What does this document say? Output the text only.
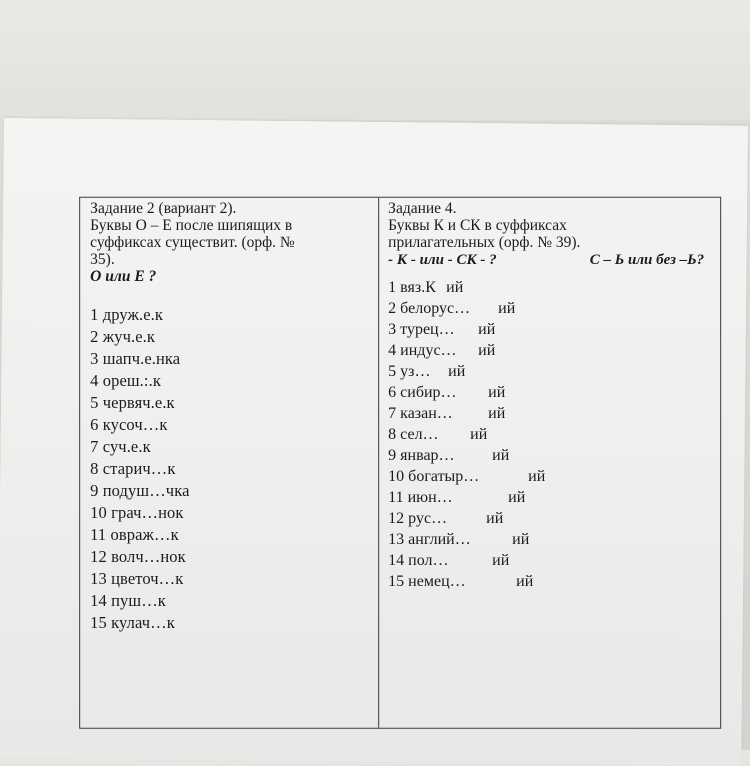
Задание 2 (вариант 2).

Буквы О – Е после шипящих в

суффиксах существит. (орф. №

35).

О или Е ?
1 друж.е.к
2 жуч.е.к
3 шапч.е.нка
4 ореш.:.к
5 червяч.е.к
6 кусоч…к
7 суч.е.к
8 старич…к
9 подуш…чка
10 грач…нок
11 овраж…к
12 волч…нок
13 цветоч…к
14 пуш…к
15 кулач…к

Задание 4.

Буквы К и СК в суффиксах

прилагательных (орф. № 39).

- К - или - СК - ?	С – Ь или без –Ь?
1 вяз.К ий
2 белорус… ий
3 турец… ий
4 индус… ий
5 уз… ий
6 сибир… ий
7 казан… ий
8 сел… ий
9 январ… ий
10 богатыр…	ий
11 июн…	ий
12 рус… ий
13 англий…	ий
14 пол…	ий
15 немец…	ий
